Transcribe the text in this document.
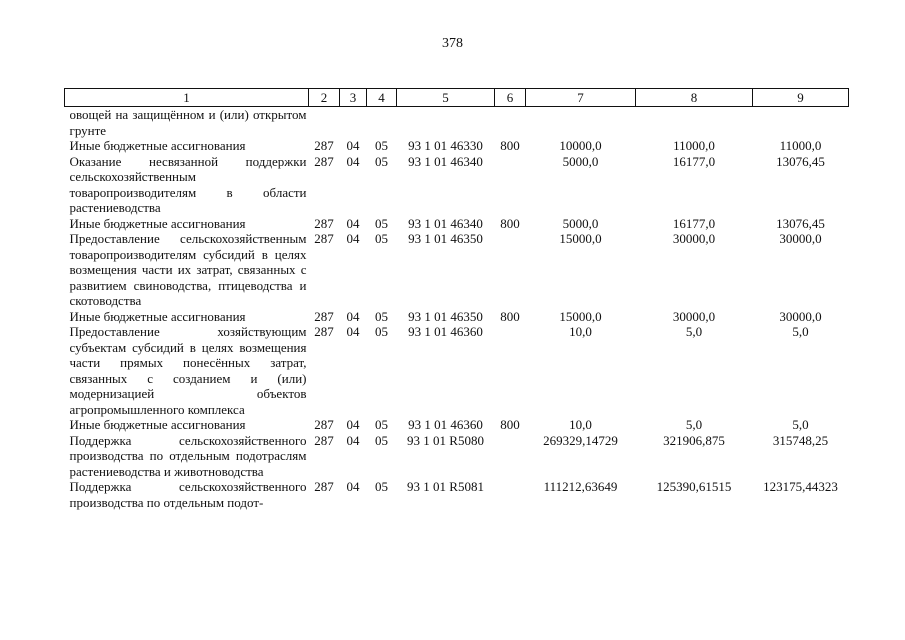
378
1	2	3	4	5	6	7	8	9
овощей на защищённом и (или) открытом грунте								
Иные бюджетные ассигнования	287	04	05	93 1 01 46330	800	10000,0	11000,0	11000,0
Оказание несвязанной поддержки сельскохозяйственным товаропроизводителям в области растениеводства	287	04	05	93 1 01 46340		5000,0	16177,0	13076,45
Иные бюджетные ассигнования	287	04	05	93 1 01 46340	800	5000,0	16177,0	13076,45
Предоставление сельскохозяйственным товаропроизводителям субсидий в целях возмещения части их затрат, связанных с развитием свиноводства, птицеводства и скотоводства	287	04	05	93 1 01 46350		15000,0	30000,0	30000,0
Иные бюджетные ассигнования	287	04	05	93 1 01 46350	800	15000,0	30000,0	30000,0
Предоставление хозяйствующим субъектам субсидий в целях возмещения части прямых понесённых затрат, связанных с созданием и (или) модернизацией объектов агропромышленного комплекса	287	04	05	93 1 01 46360		10,0	5,0	5,0
Иные бюджетные ассигнования	287	04	05	93 1 01 46360	800	10,0	5,0	5,0
Поддержка сельскохозяйственного производства по отдельным подотраслям растениеводства и животноводства	287	04	05	93 1 01 R5080		269329,14729	321906,875	315748,25
Поддержка сельскохозяйственного производства по отдельным подот-	287	04	05	93 1 01 R5081		111212,63649	125390,61515	123175,44323
